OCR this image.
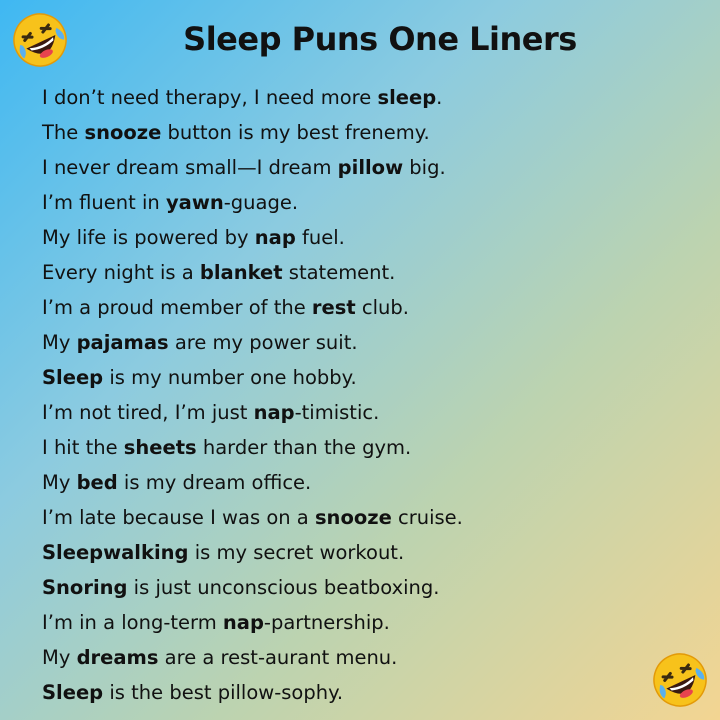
Sleep Puns One Liners
I don’t need therapy, I need more sleep.
The snooze button is my best frenemy.
I never dream small—I dream pillow big.
I’m fluent in yawn-guage.
My life is powered by nap fuel.
Every night is a blanket statement.
I’m a proud member of the rest club.
My pajamas are my power suit.
Sleep is my number one hobby.
I’m not tired, I’m just nap-timistic.
I hit the sheets harder than the gym.
My bed is my dream office.
I’m late because I was on a snooze cruise.
Sleepwalking is my secret workout.
Snoring is just unconscious beatboxing.
I’m in a long-term nap-partnership.
My dreams are a rest-aurant menu.
Sleep is the best pillow-sophy.
